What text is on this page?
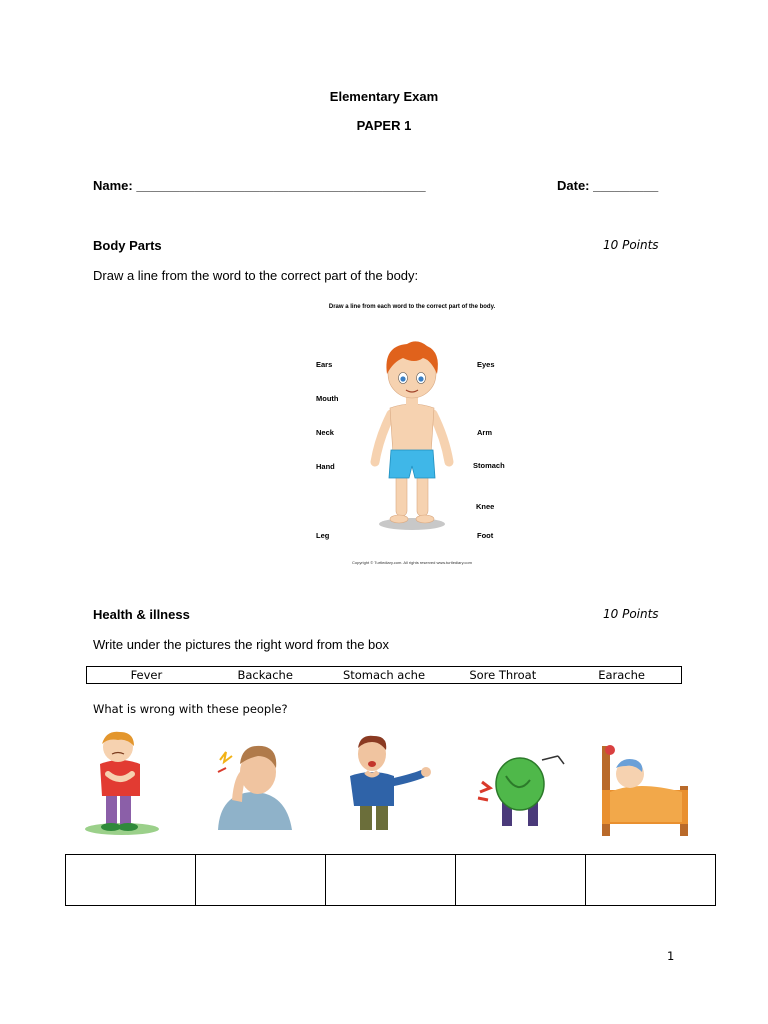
Elementary Exam
PAPER 1
Name: ________________________________________	Date: _________
Body Parts	10 Points
Draw a line from the word to the correct part of the body:
Draw a line from each word to the correct part of the body.
Ears
Mouth
Neck
Hand
Leg
Eyes
Arm
Stomach
Knee
Foot
Copyright © Turtlediary.com. All rights reserved www.turtlediary.com
Health & illness	10 Points
Write under the pictures the right word from the box
Fever	Backache	Stomach ache	Sore Throat	Earache
What is wrong with these people?
1
